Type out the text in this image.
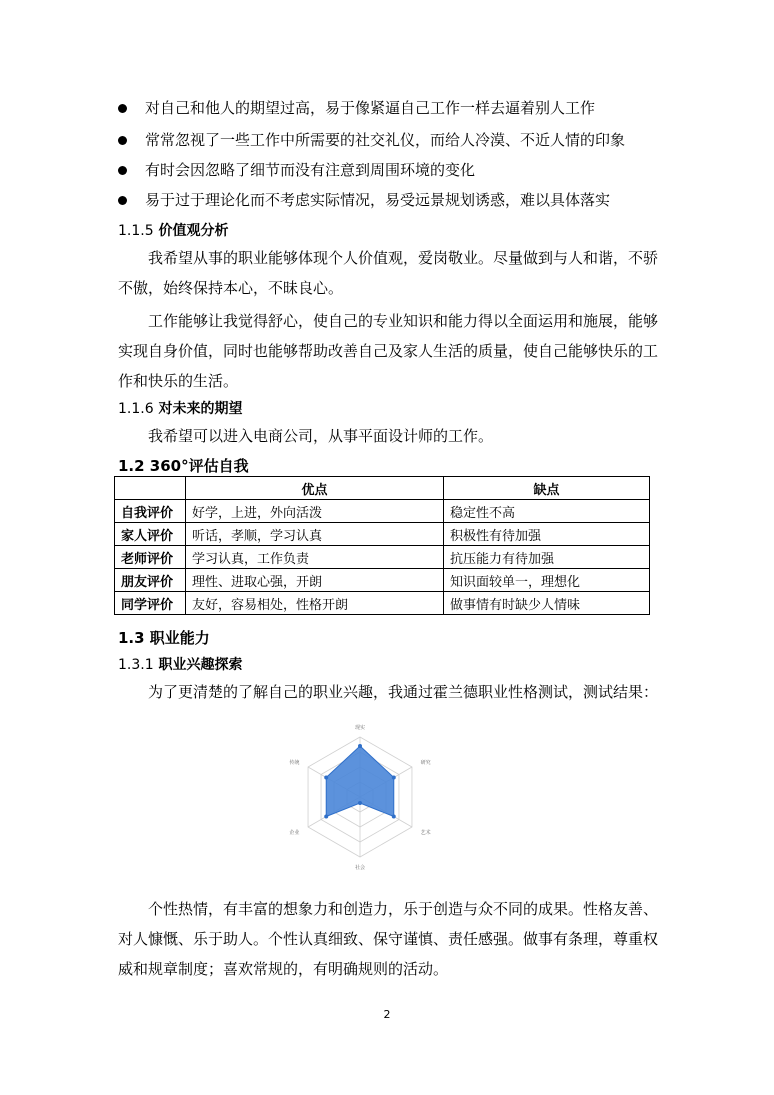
对自己和他人的期望过高，易于像紧逼自己工作一样去逼着别人工作
常常忽视了一些工作中所需要的社交礼仪，而给人冷漠、不近人情的印象
有时会因忽略了细节而没有注意到周围环境的变化
易于过于理论化而不考虑实际情况，易受远景规划诱惑，难以具体落实
1.1.5 价值观分析
我希望从事的职业能够体现个人价值观，爱岗敬业。尽量做到与人和谐，不骄不傲，始终保持本心，不昧良心。
工作能够让我觉得舒心，使自己的专业知识和能力得以全面运用和施展，能够实现自身价值，同时也能够帮助改善自己及家人生活的质量，使自己能够快乐的工作和快乐的生活。
1.1.6 对未来的期望
我希望可以进入电商公司，从事平面设计师的工作。
1.2 360°评估自我
	优点	缺点
自我评价	好学，上进，外向活泼	稳定性不高
家人评价	听话，孝顺，学习认真	积极性有待加强
老师评价	学习认真，工作负责	抗压能力有待加强
朋友评价	理性、进取心强，开朗	知识面较单一，理想化
同学评价	友好，容易相处，性格开朗	做事情有时缺少人情味
1.3 职业能力
1.3.1 职业兴趣探索
为了更清楚的了解自己的职业兴趣，我通过霍兰德职业性格测试，测试结果：
现实
研究
艺术
社会
企业
传统
个性热情，有丰富的想象力和创造力，乐于创造与众不同的成果。性格友善、对人慷慨、乐于助人。个性认真细致、保守谨慎、责任感强。做事有条理，尊重权威和规章制度；喜欢常规的，有明确规则的活动。
2
